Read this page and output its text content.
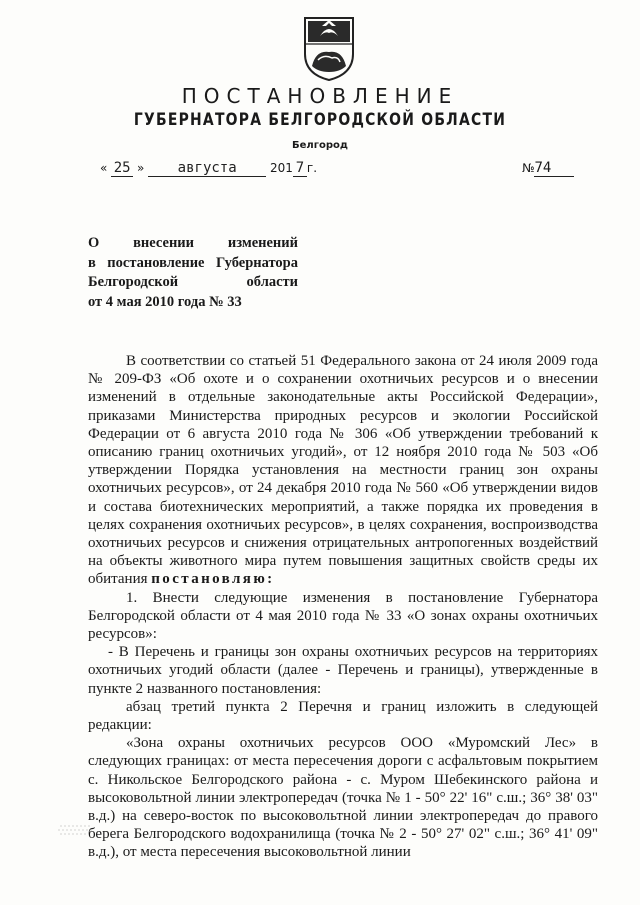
ПОСТАНОВЛЕНИЕ
ГУБЕРНАТОРА БЕЛГОРОДСКОЙ ОБЛАСТИ
Белгород
« 25 » августа	201 7 г.	№74
О внесении изменений
в постановление Губернатора
Белгородской области
от 4 мая 2010 года № 33

В соответствии со статьей 51 Федерального закона от 24 июля 2009 года № 209-ФЗ «Об охоте и о сохранении охотничьих ресурсов и о внесении изменений в отдельные законодательные акты Российской Федерации», приказами Министерства природных ресурсов и экологии Российской Федерации от 6 августа 2010 года № 306 «Об утверждении требований к описанию границ охотничьих угодий», от 12 ноября 2010 года № 503 «Об утверждении Порядка установления на местности границ зон охраны охотничьих ресурсов», от 24 декабря 2010 года № 560 «Об утверждении видов и состава биотехнических мероприятий, а также порядка их проведения в целях сохранения охотничьих ресурсов», в целях сохранения, воспроизводства охотничьих ресурсов и снижения отрицательных антропогенных воздействий на объекты животного мира путем повышения защитных свойств среды их обитания постановляю:

1. Внести следующие изменения в постановление Губернатора Белгородской области от 4 мая 2010 года № 33 «О зонах охраны охотничьих ресурсов»:

- В Перечень и границы зон охраны охотничьих ресурсов на территориях охотничьих угодий области (далее - Перечень и границы), утвержденные в пункте 2 названного постановления:

абзац третий пункта 2 Перечня и границ изложить в следующей редакции:

«Зона охраны охотничьих ресурсов ООО «Муромский Лес» в следующих границах: от места пересечения дороги с асфальтовым покрытием с. Никольское Белгородского района - с. Муром Шебекинского района и высоковольтной линии электропередач (точка № 1 - 50° 22' 16" с.ш.; 36° 38' 03" в.д.) на северо-восток по высоковольтной линии электропередач до правого берега Белгородского водохранилища (точка № 2 - 50° 27' 02" с.ш.; 36° 41' 09" в.д.), от места пересечения высоковольтной линии
